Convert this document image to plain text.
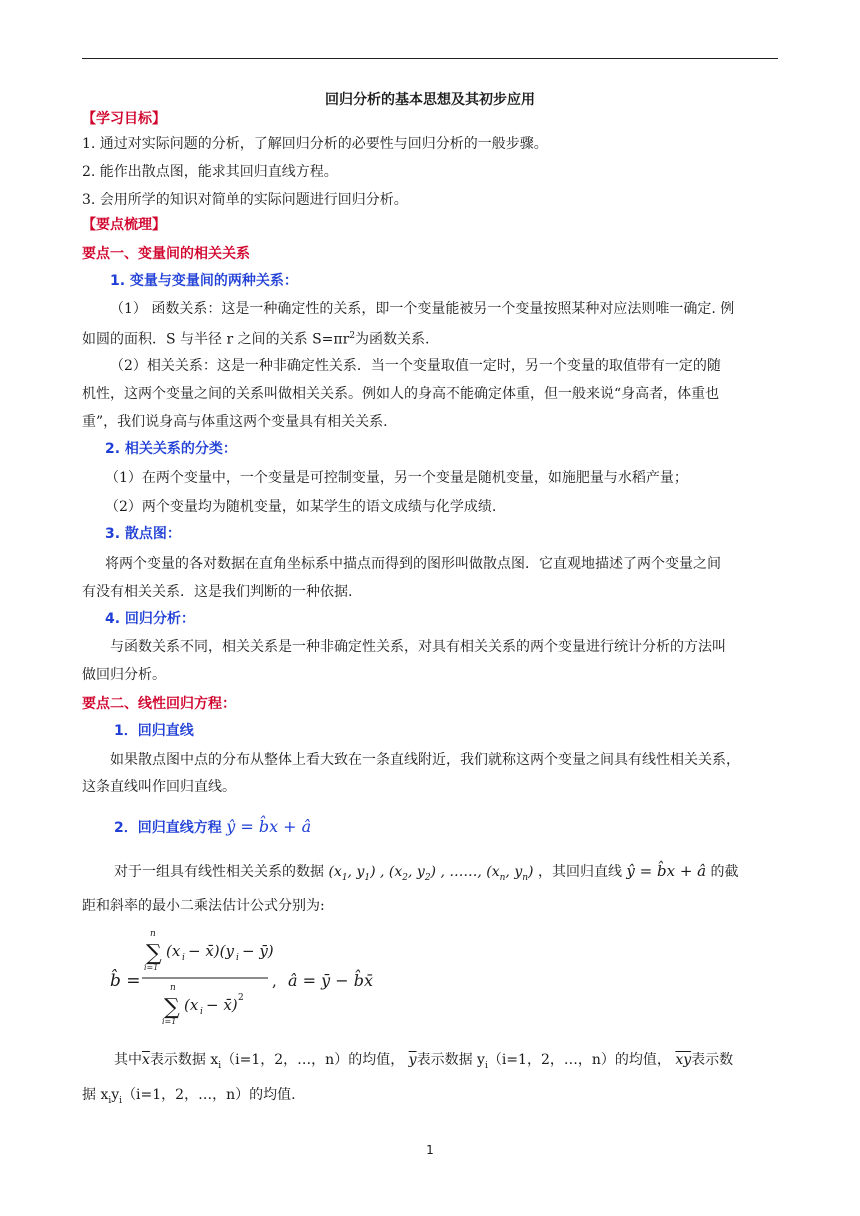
回归分析的基本思想及其初步应用
【学习目标】
1. 通过对实际问题的分析，了解回归分析的必要性与回归分析的一般步骤。
2. 能作出散点图，能求其回归直线方程。
3. 会用所学的知识对简单的实际问题进行回归分析。
【要点梳理】
要点一、变量间的相关关系
1. 变量与变量间的两种关系：
（1） 函数关系：这是一种确定性的关系，即一个变量能被另一个变量按照某种对应法则唯一确定. 例
如圆的面积．S 与半径 r 之间的关系 $S=\pi r^2$为函数关系.
（2）相关关系：这是一种非确定性关系．当一个变量取值一定时，另一个变量的取值带有一定的随
机性，这两个变量之间的关系叫做相关关系。例如人的身高不能确定体重，但一般来说“身高者，体重也
重”，我们说身高与体重这两个变量具有相关关系.
2. 相关关系的分类：
（1）在两个变量中，一个变量是可控制变量，另一个变量是随机变量，如施肥量与水稻产量；
（2）两个变量均为随机变量，如某学生的语文成绩与化学成绩.
3. 散点图：
将两个变量的各对数据在直角坐标系中描点而得到的图形叫做散点图．它直观地描述了两个变量之间
有没有相关关系．这是我们判断的一种依据.
4. 回归分析：
与函数关系不同，相关关系是一种非确定性关系，对具有相关关系的两个变量进行统计分析的方法叫
做回归分析。
要点二、线性回归方程：
1．回归直线
如果散点图中点的分布从整体上看大致在一条直线附近，我们就称这两个变量之间具有线性相关关系，
这条直线叫作回归直线。
2．回归直线方程 ŷ = b̂x + â
对于一组具有线性相关关系的数据 ($x_1$, $y_1$) , ($x_2$, $y_2$) , ……, ($x_n$, $y_n$) ，其回归直线 ŷ = b̂x + â 的截
距和斜率的最小二乘法估计公式分别为:
b̂ =
n
∑
i=1
(x i − x̄)(y i − ȳ)
n
∑
i=1
(x i − x̄) 2
, â = ȳ − b̂x̄
其中$\overline{x}$表示数据 $x_i(i=1$，2，…，n）的均值， $\overline{y}$表示数据 $y_i(i=1$，2，…，n）的均值， $\overline{xy}$表示数
据 $x_iy_i(i=1$，2，…，n）的均值.
1
